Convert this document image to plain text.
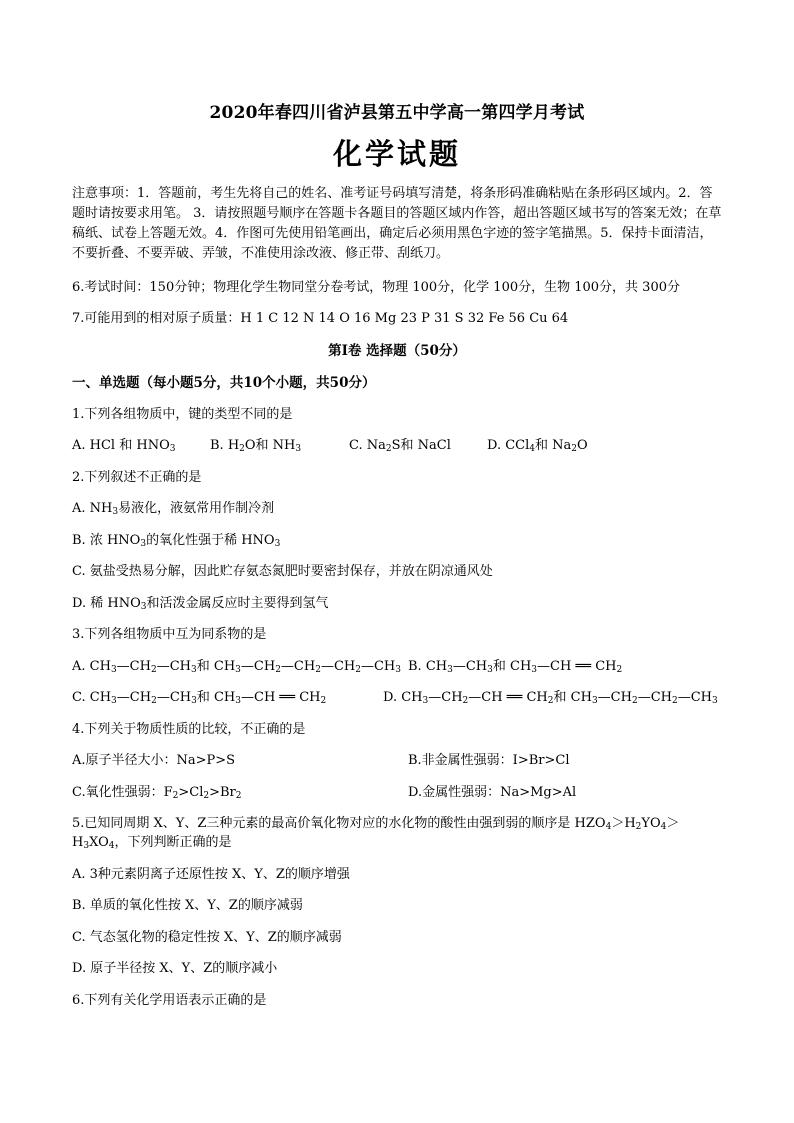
2020年春四川省泸县第五中学高一第四学月考试
化学试题
注意事项：1．答题前，考生先将自己的姓名、准考证号码填写清楚，将条形码准确粘贴在条形码区域内。2．答题时请按要求用笔。 3．请按照题号顺序在答题卡各题目的答题区域内作答，超出答题区域书写的答案无效；在草稿纸、试卷上答题无效。4．作图可先使用铅笔画出，确定后必须用黑色字迹的签字笔描黑。5．保持卡面清洁，不要折叠、不要弄破、弄皱，不准使用涂改液、修正带、刮纸刀。
6.考试时间：150分钟；物理化学生物同堂分卷考试，物理 100分，化学 100分，生物 100分，共 300分
7.可能用到的相对原子质量：H 1 C 12 N 14 O 16 Mg 23 P 31 S 32 Fe 56 Cu 64
第Ⅰ卷 选择题（50分）
一、单选题（每小题5分，共10个小题，共50分）
1.下列各组物质中，键的类型不同的是
A. HCl 和 $HNO_3$	B. $H_2O$和 $NH_3$	C. $Na_2S$和 NaCl	D. CCl$_4$和 $Na_2O$
2.下列叙述不正确的是
A. $NH_3$易液化，液氨常用作制冷剂
B. 浓 $HNO_3$的氧化性强于稀 $HNO_3$
C. 氨盐受热易分解，因此贮存氨态氮肥时要密封保存，并放在阴凉通风处
D. 稀 $HNO_3$和活泼金属反应时主要得到氢气
3.下列各组物质中互为同系物的是
A. $CH_3—CH_2—CH_3$和 $CH_3—CH_2—CH_2—CH_2—CH_3$ B. $CH_3—CH_3$和 $CH_3—CH$ ══ $CH_2$
C. $CH_3—CH_2—CH_3$和 $CH_3—CH$ ══ $CH_2$	D. $CH_3—CH_2—CH$ ══ $CH_2$和 $CH_3—CH_2—CH_2—CH_3$
4.下列关于物质性质的比较，不正确的是
A.原子半径大小：Na>P>S	B.非金属性强弱：I>Br>Cl
C.氧化性强弱：$F_2>Cl_2>Br_2$	D.金属性强弱：Na>Mg>Al
5.已知同周期 X、Y、Z三种元素的最高价氧化物对应的水化物的酸性由强到弱的顺序是 $HZO_4>H_2YO_4>$
$H_3XO_4$，下列判断正确的是
A. 3种元素阴离子还原性按 X、Y、Z的顺序增强
B. 单质的氧化性按 X、Y、Z的顺序减弱
C. 气态氢化物的稳定性按 X、Y、Z的顺序减弱
D. 原子半径按 X、Y、Z的顺序减小
6.下列有关化学用语表示正确的是
